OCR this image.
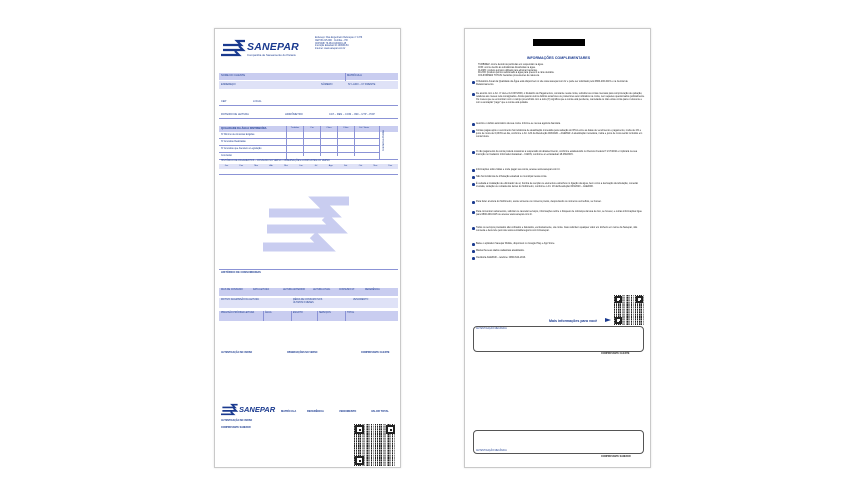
SANEPAR
Companhia de Saneamento do Paraná
Endereço: Rua Engenheiro Rebouças nº 1376
CEP 80.215-900 · Curitiba – PR
CNPJ/MF 76.484.013/0001-45
Inscrição Estadual 10.100960-84
Internet: www.sanepar.com.br
NOME DO CLIENTE	MATRÍCULA
ENDEREÇO	NÚMERO	Nº LADO – Nº FRENTE
CEP	LOCAL
ROTEIRO DE LEITURA	HIDRÔMETRO	CAT – RES – COM – IND – UTP – POP
QUALIDADE DA ÁGUA DISTRIBUÍDA	Turbidez	Cor	Cloro	Flúor	Col. Totais
Nº Mínimo de Amostras Exigidas
Nº Amostras Realizadas
Nº Amostras que Atendem a Legislação
Conclusão
Conclusões Aferidas
HISTÓRICO DE PAGAMENTOS – CONSUMO NO VERSO / OBSERVAÇÕES CONSTANTES NO VERSO
Jan	Fev	Mar	Abr	Mai	Jun	Jul	Ago	Set	Out	Nov	Dez
HISTÓRICO DE CONSUMO/DIAS
DIAS DE CONSUMO	DATA LEITURA	LEITURA ANTERIOR	LEITURA ATUAL	CONSUMO M³	REFERÊNCIA
MOTIVO DA EMISSÃO DA LEITURA	MÉDIA DE CONSUMO NOS ÚLTIMOS 6 MESES
VENCIMENTO
PREVISÃO PRÓXIMA LEITURA	ÁGUA	ESGOTO	SERVIÇOS	TOTAL
AUTENTICAÇÃO NO VERSO	OBSERVAÇÕES NO VERSO	COMPROVANTE CLIENTE
SANEPAR MATRÍCULA	REFERÊNCIA	VENCIMENTO	VALOR TOTAL
AUTENTICAÇÃO NO VERSO
COMPROVANTE SANEPAR
INFORMAÇÕES COMPLEMENTARES
TURBIDEZ: ocorre devido às partículas em suspensão na água.
COR: ocorre devido às substâncias dissolvidas na água.
CLORO: produto químico utilizado para eliminar bactérias.
FLÚOR: produto químico adicionado à água para prevenir a cárie dentária.
COLIFORMES TOTAIS: bactérias provenientes da natureza.
O Relatório Anual da Qualidade da Água está disponível no site www.sanepar.com.br e pode ser solicitado pelo 0800-200-0115 e na Central de Relacionamento.
De acordo com o Art. 4º da Lei 12.007/2009, o Relatório de Pagamentos, constante nesta conta, substitui as contas mensais para comprovação de quitação, relativas aos meses nela consignados. Ainda quanto outros débitos anteriores ou posteriores aos indicados na conta, nem aqueles questionados judicialmente. Os meses que se encontram com o campo preenchido com a letra (X) significa que a conta está pendente, cancelada ou não existe conta para o referente e com a anotação "pago" que a conta está quitada.
Autorize o débito automático da sua conta. Informe-se na sua agência bancária.
Contas pagas após o vencimento há incidência de atualização monetária pela variação do IPCA entre as datas de vencimento e pagamento, multa de 2% e juros de mora de 0,033% ao dia, conforme o Art. 120 da Resolução 003/2020 – AGEPAR. A atualização monetária, multa e juros de mora serão incluídos em conta futura.
O não pagamento da conta poderá ocasionar a suspensão do abastecimento, conforme estabelecido no Decreto Federal 7.217/2010 e implicará na sua inscrição no Cadastro Informativo Estadual – CADIN, conforme a Lei Estadual 18.466/2015.
Informações sobre faltas e onde pagar sua conta, acesse www.sanepar.com.br.
Não há incidência de tributação estadual ou municipal nesta conta.
É vedada a instalação de eliminador de ar, bomba de sucção ou elementos estranhos no ligação da água, bem como a derivação da tubulação, conexão cruzada, violação ou retirada dos lacres do hidrômetro, conforme o Art. 18 da Resolução 003/2020 – AGEPAR.
Para fazer a leitura do hidrômetro, anote somente os números pretos, desprezando os números vermelhos, se houver.
Para comunicar vazamentos, solicitar ou cancelar serviços, informações sobre o bloqueio de cobrança da taxa de lixo, se houver, e outras informações ligue para 0800-200-0115 ou acesse www.sanepar.com.br.
Todos os serviços prestados são cobrados e faturados, exclusivamente, via conta. Caso solicitem qualquer valor em dinheiro em nome da Sanepar, não conceda e denuncie pelo site www.centraldenegocio.com.br/sanepar.
Baixe o aplicativo Sanepar Mobile, disponível no Google Play e App Store.
Mantenha seus dados cadastrais atualizados.
Ouvidoria AGEPAR – telefone: 0800-644-2013.
Mais informações para você
AUTENTICAÇÃO MECÂNICA
COMPROVANTE CLIENTE
AUTENTICAÇÃO MECÂNICA
COMPROVANTE SANEPAR
